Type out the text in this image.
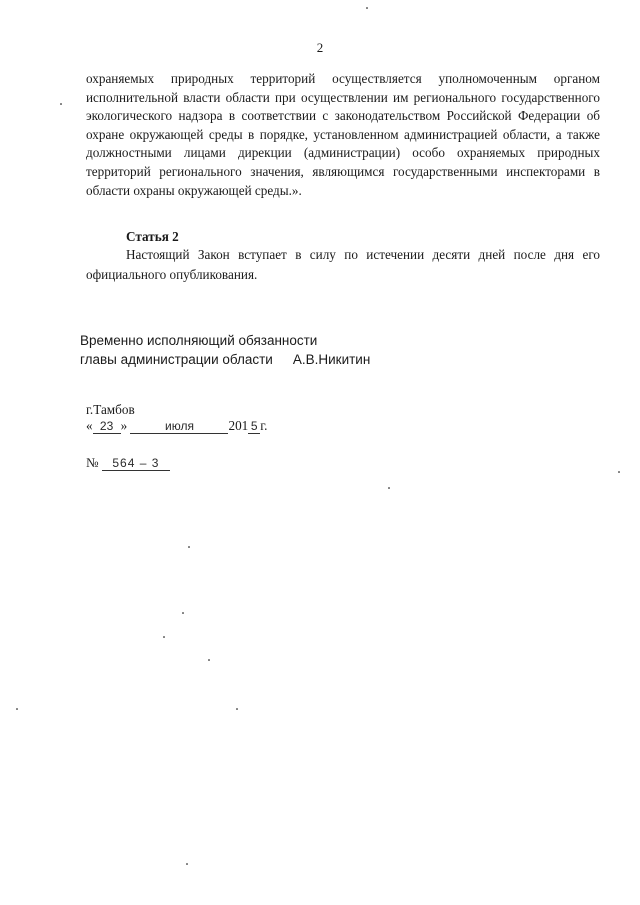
2

охраняемых природных территорий осуществляется уполномоченным органом исполнительной власти области при осуществлении им регионального государственного экологического надзора в соответствии с законодательством Российской Федерации об охране окружающей среды в порядке, установленном администрацией области, а также должностными лицами дирекции (администрации) особо охраняемых природных территорий регионального значения, являющимся государственными инспекторами в области охраны окружающей среды.».

Статья 2

Настоящий Закон вступает в силу по истечении десяти дней после дня его официального опубликования.

Временно исполняющий обязанности
главы администрации области А.В.Никитин
г.Тамбов
« 23 »	июля	201 5 г.
№ 564 – 3
